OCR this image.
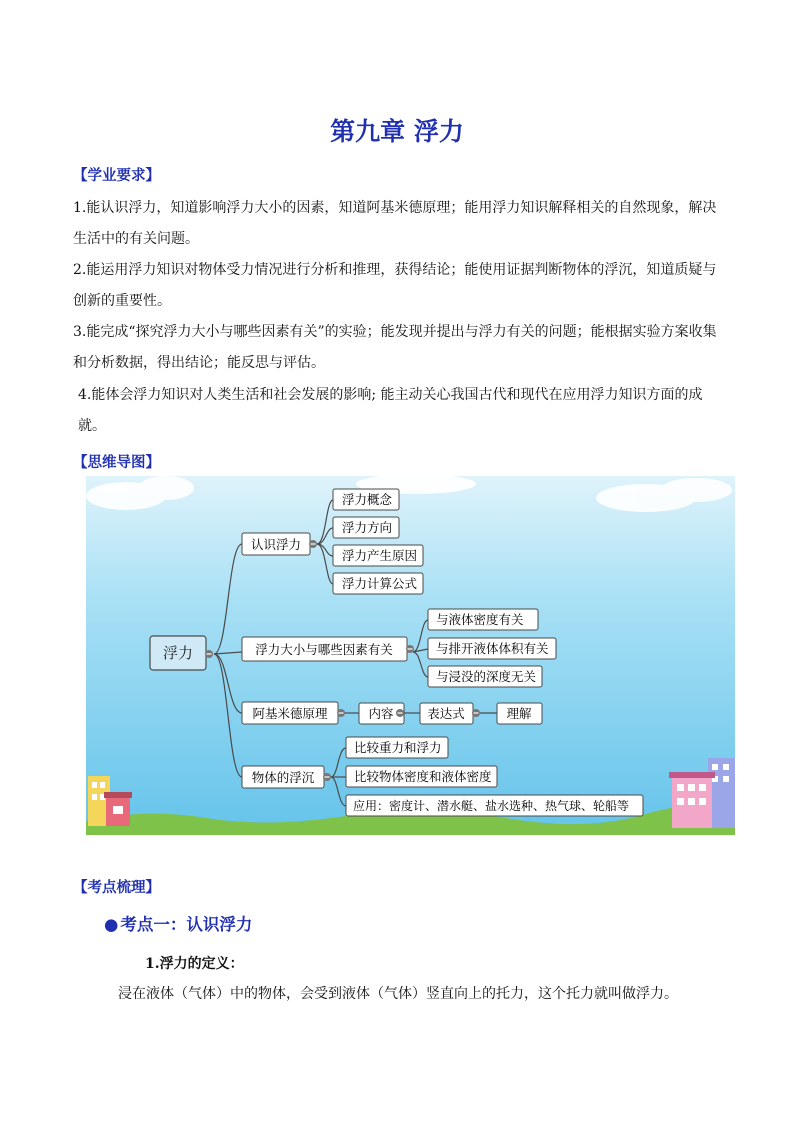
第九章 浮力
【学业要求】
1.能认识浮力，知道影响浮力大小的因素，知道阿基米德原理；能用浮力知识解释相关的自然现象，解决生活中的有关问题。
2.能运用浮力知识对物体受力情况进行分析和推理，获得结论；能使用证据判断物体的浮沉，知道质疑与创新的重要性。
3.能完成“探究浮力大小与哪些因素有关”的实验；能发现并提出与浮力有关的问题；能根据实验方案收集和分析数据，得出结论；能反思与评估。
4.能体会浮力知识对人类生活和社会发展的影响; 能主动关心我国古代和现代在应用浮力知识方面的成就。
【思维导图】
浮力
认识浮力
浮力概念
浮力方向
浮力产生原因
浮力计算公式
浮力大小与哪些因素有关
与液体密度有关
与排开液体体积有关
与浸没的深度无关
阿基米德原理	内容	表达式	理解
物体的浮沉
比较重力和浮力
比较物体密度和液体密度
应用：密度计、潜水艇、盐水选种、热气球、轮船等
【考点梳理】
● 考点一：认识浮力
1.浮力的定义：
浸在液体（气体）中的物体，会受到液体（气体）竖直向上的托力，这个托力就叫做浮力。
